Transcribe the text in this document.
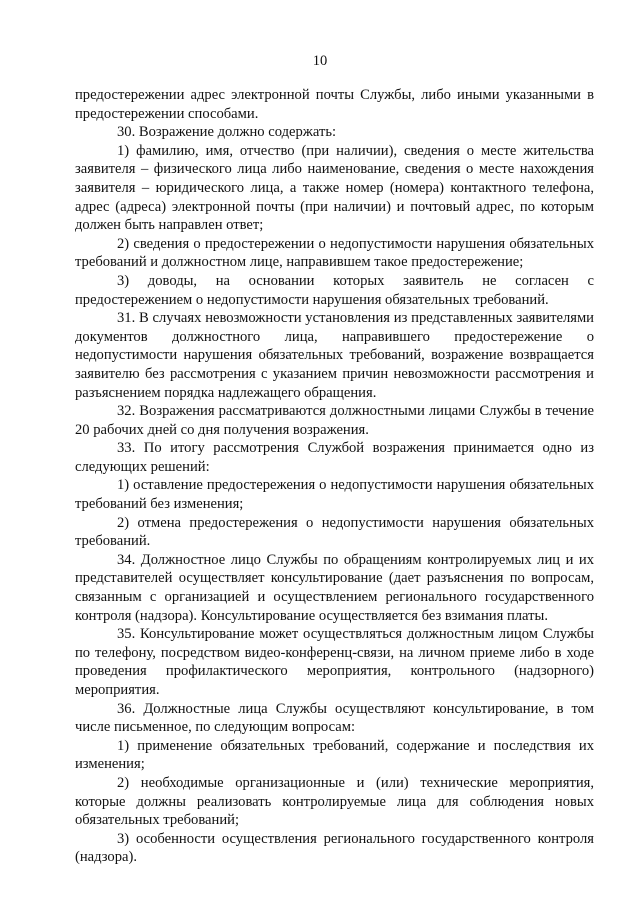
10

предостережении адрес электронной почты Службы, либо иными указанными в предостережении способами.

30. Возражение должно содержать:

1) фамилию, имя, отчество (при наличии), сведения о месте жительства заявителя – физического лица либо наименование, сведения о месте нахождения заявителя – юридического лица, а также номер (номера) контактного телефона, адрес (адреса) электронной почты (при наличии) и почтовый адрес, по которым должен быть направлен ответ;

2) сведения о предостережении о недопустимости нарушения обязательных требований и должностном лице, направившем такое предостережение;

3) доводы, на основании которых заявитель не согласен с предостережением о недопустимости нарушения обязательных требований.

31. В случаях невозможности установления из представленных заявителями документов должностного лица, направившего предостережение о недопустимости нарушения обязательных требований, возражение возвращается заявителю без рассмотрения с указанием причин невозможности рассмотрения и разъяснением порядка надлежащего обращения.

32. Возражения рассматриваются должностными лицами Службы в течение 20 рабочих дней со дня получения возражения.

33. По итогу рассмотрения Службой возражения принимается одно из следующих решений:

1) оставление предостережения о недопустимости нарушения обязательных требований без изменения;

2) отмена предостережения о недопустимости нарушения обязательных требований.

34. Должностное лицо Службы по обращениям контролируемых лиц и их представителей осуществляет консультирование (дает разъяснения по вопросам, связанным с организацией и осуществлением регионального государственного контроля (надзора). Консультирование осуществляется без взимания платы.

35. Консультирование может осуществляться должностным лицом Службы по телефону, посредством видео-конференц-связи, на личном приеме либо в ходе проведения профилактического мероприятия, контрольного (надзорного) мероприятия.

36. Должностные лица Службы осуществляют консультирование, в том числе письменное, по следующим вопросам:

1) применение обязательных требований, содержание и последствия их изменения;

2) необходимые организационные и (или) технические мероприятия, которые должны реализовать контролируемые лица для соблюдения новых обязательных требований;

3) особенности осуществления регионального государственного контроля (надзора).
